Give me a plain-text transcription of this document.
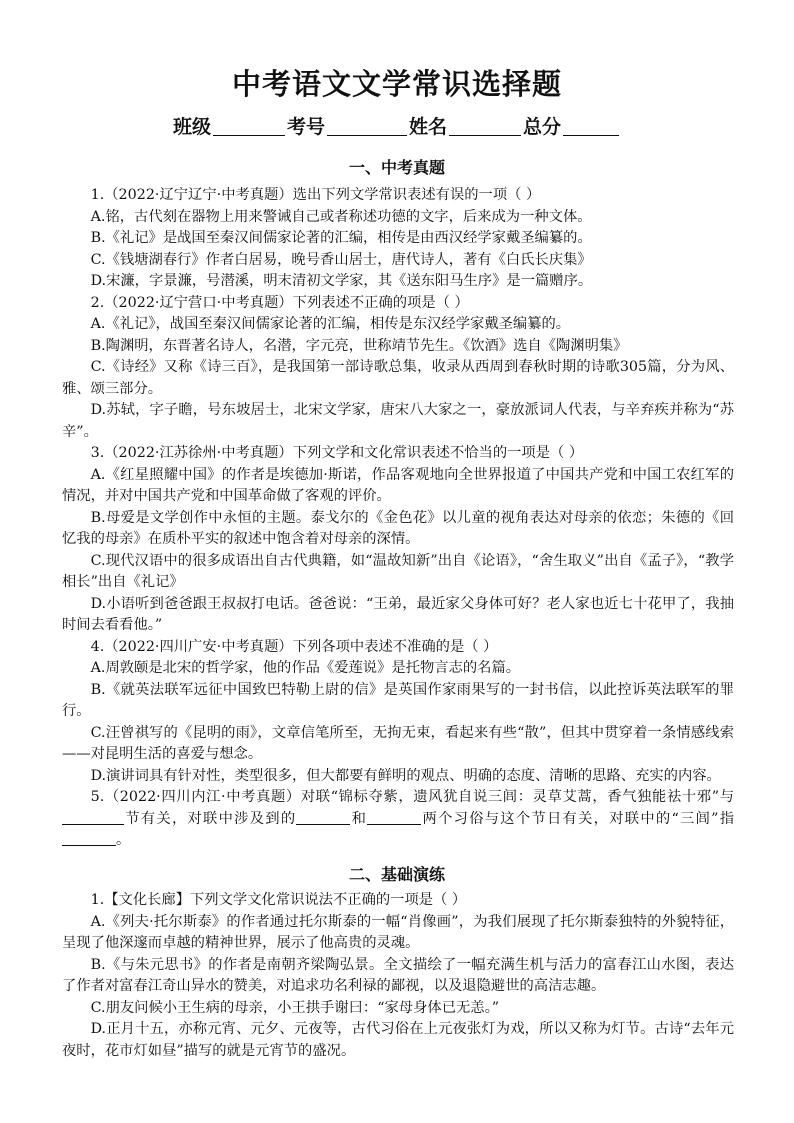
中考语文文学常识选择题
班级	考号	姓名	总分
一、中考真题

1.（2022·辽宁辽宁·中考真题）选出下列文学常识表述有误的一项（ ）

A.铭，古代刻在器物上用来警诫自己或者称述功德的文字，后来成为一种文体。

B.《礼记》是战国至秦汉间儒家论著的汇编，相传是由西汉经学家戴圣编纂的。

C.《钱塘湖春行》作者白居易，晚号香山居士，唐代诗人，著有《白氏长庆集》

D.宋濂，字景濂，号潜溪，明末清初文学家，其《送东阳马生序》是一篇赠序。

2.（2022·辽宁营口·中考真题）下列表述不正确的项是（ ）

A.《礼记》，战国至秦汉间儒家论著的汇编，相传是东汉经学家戴圣编纂的。

B.陶渊明，东晋著名诗人，名潜，字元亮，世称靖节先生。《饮酒》选自《陶渊明集》

C.《诗经》又称《诗三百》，是我国第一部诗歌总集，收录从西周到春秋时期的诗歌305篇，分为风、雅、颂三部分。

D.苏轼，字子瞻，号东坡居士，北宋文学家，唐宋八大家之一，豪放派词人代表，与辛弃疾并称为“苏辛”。

3.（2022·江苏徐州·中考真题）下列文学和文化常识表述不恰当的一项是（ ）

A.《红星照耀中国》的作者是埃德加·斯诺，作品客观地向全世界报道了中国共产党和中国工农红军的情况，并对中国共产党和中国革命做了客观的评价。

B.母爱是文学创作中永恒的主题。泰戈尔的《金色花》以儿童的视角表达对母亲的依恋；朱德的《回忆我的母亲》在质朴平实的叙述中饱含着对母亲的深情。

C.现代汉语中的很多成语出自古代典籍，如“温故知新”出自《论语》，“舍生取义”出自《孟子》，“教学相长”出自《礼记》

D.小语听到爸爸跟王叔叔打电话。爸爸说：“王弟，最近家父身体可好？老人家也近七十花甲了，我抽时间去看看他。”

4.（2022·四川广安·中考真题）下列各项中表述不准确的是（ ）

A.周敦颐是北宋的哲学家，他的作品《爱莲说》是托物言志的名篇。

B.《就英法联军远征中国致巴特勒上尉的信》是英国作家雨果写的一封书信，以此控诉英法联军的罪行。

C.汪曾祺写的《昆明的雨》，文章信笔所至，无拘无束，看起来有些“散”，但其中贯穿着一条情感线索——对昆明生活的喜爱与想念。

D.演讲词具有针对性，类型很多，但大都要有鲜明的观点、明确的态度、清晰的思路、充实的内容。

5.（2022·四川内江·中考真题）对联“锦标夺紫，遗风犹自说三闾：灵草艾蒿，香气独能祛十邪”与节有关，对联中涉及到的	和	两个习俗与这个节日有关，对联中的“三闾”指。

二、基础演练

1.【文化长廊】下列文学文化常识说法不正确的一项是（ ）

A.《列夫·托尔斯泰》的作者通过托尔斯泰的一幅“肖像画”，为我们展现了托尔斯泰独特的外貌特征，呈现了他深邃而卓越的精神世界，展示了他高贵的灵魂。

B.《与朱元思书》的作者是南朝齐梁陶弘景。全文描绘了一幅充满生机与活力的富春江山水图，表达了作者对富春江奇山异水的赞美，对追求功名利禄的鄙视，以及退隐避世的高洁志趣。

C.朋友问候小王生病的母亲，小王拱手谢曰：“家母身体已无恙。”

D.正月十五，亦称元宵、元夕、元夜等，古代习俗在上元夜张灯为戏，所以又称为灯节。古诗“去年元夜时，花市灯如昼”描写的就是元宵节的盛况。
